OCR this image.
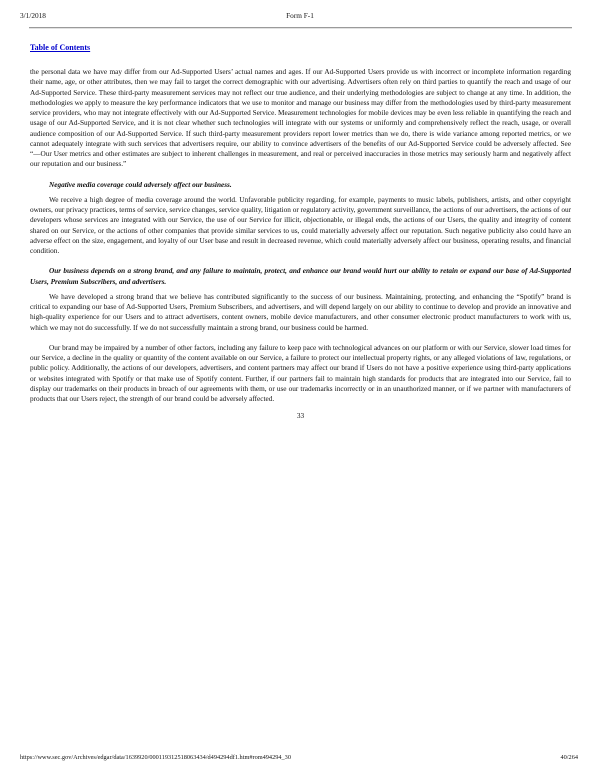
3/1/2018	Form F-1
Table of Contents

the personal data we have may differ from our Ad-Supported Users’ actual names and ages. If our Ad-Supported Users provide us with incorrect or incomplete information regarding their name, age, or other attributes, then we may fail to target the correct demographic with our advertising. Advertisers often rely on third parties to quantify the reach and usage of our Ad-Supported Service. These third-party measurement services may not reflect our true audience, and their underlying methodologies are subject to change at any time. In addition, the methodologies we apply to measure the key performance indicators that we use to monitor and manage our business may differ from the methodologies used by third-party measurement service providers, who may not integrate effectively with our Ad-Supported Service. Measurement technologies for mobile devices may be even less reliable in quantifying the reach and usage of our Ad-Supported Service, and it is not clear whether such technologies will integrate with our systems or uniformly and comprehensively reflect the reach, usage, or overall audience composition of our Ad-Supported Service. If such third-party measurement providers report lower metrics than we do, there is wide variance among reported metrics, or we cannot adequately integrate with such services that advertisers require, our ability to convince advertisers of the benefits of our Ad-Supported Service could be adversely affected. See “—Our User metrics and other estimates are subject to inherent challenges in measurement, and real or perceived inaccuracies in those metrics may seriously harm and negatively affect our reputation and our business.”

Negative media coverage could adversely affect our business.

We receive a high degree of media coverage around the world. Unfavorable publicity regarding, for example, payments to music labels, publishers, artists, and other copyright owners, our privacy practices, terms of service, service changes, service quality, litigation or regulatory activity, government surveillance, the actions of our advertisers, the actions of our developers whose services are integrated with our Service, the use of our Service for illicit, objectionable, or illegal ends, the actions of our Users, the quality and integrity of content shared on our Service, or the actions of other companies that provide similar services to us, could materially adversely affect our reputation. Such negative publicity also could have an adverse effect on the size, engagement, and loyalty of our User base and result in decreased revenue, which could materially adversely affect our business, operating results, and financial condition.

Our business depends on a strong brand, and any failure to maintain, protect, and enhance our brand would hurt our ability to retain or expand our base of Ad-Supported Users, Premium Subscribers, and advertisers.

We have developed a strong brand that we believe has contributed significantly to the success of our business. Maintaining, protecting, and enhancing the “Spotify” brand is critical to expanding our base of Ad-Supported Users, Premium Subscribers, and advertisers, and will depend largely on our ability to continue to develop and provide an innovative and high-quality experience for our Users and to attract advertisers, content owners, mobile device manufacturers, and other consumer electronic product manufacturers to work with us, which we may not do successfully. If we do not successfully maintain a strong brand, our business could be harmed.

Our brand may be impaired by a number of other factors, including any failure to keep pace with technological advances on our platform or with our Service, slower load times for our Service, a decline in the quality or quantity of the content available on our Service, a failure to protect our intellectual property rights, or any alleged violations of law, regulations, or public policy. Additionally, the actions of our developers, advertisers, and content partners may affect our brand if Users do not have a positive experience using third-party applications or websites integrated with Spotify or that make use of Spotify content. Further, if our partners fail to maintain high standards for products that are integrated into our Service, fail to display our trademarks on their products in breach of our agreements with them, or use our trademarks incorrectly or in an unauthorized manner, or if we partner with manufacturers of products that our Users reject, the strength of our brand could be adversely affected.

33

https://www.sec.gov/Archives/edgar/data/1639920/000119312518063434/d494294df1.htm#rom494294_30	40/264
